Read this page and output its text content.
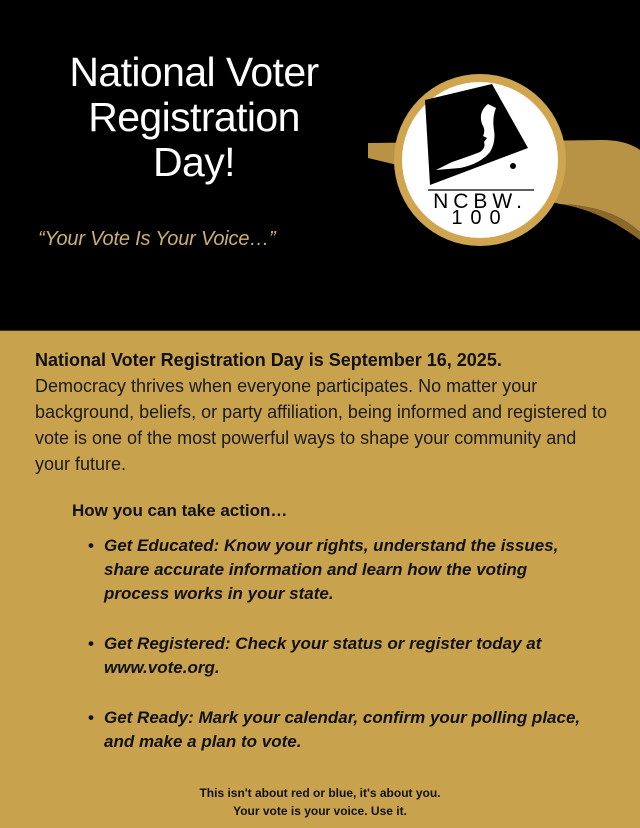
National Voter
Registration
Day!
“Your Vote Is Your Voice…”
NCBW.
100

National Voter Registration Day is September 16, 2025.
Democracy thrives when everyone participates. No matter your background, beliefs, or party affiliation, being informed and registered to vote is one of the most powerful ways to shape your community and your future.

How you can take action…
• Get Educated: Know your rights, understand the issues, share accurate information and learn how the voting process works in your state.
• Get Registered: Check your status or register today at www.vote.org.
• Get Ready: Mark your calendar, confirm your polling place, and make a plan to vote.
This isn't about red or blue, it's about you.
Your vote is your voice. Use it.
